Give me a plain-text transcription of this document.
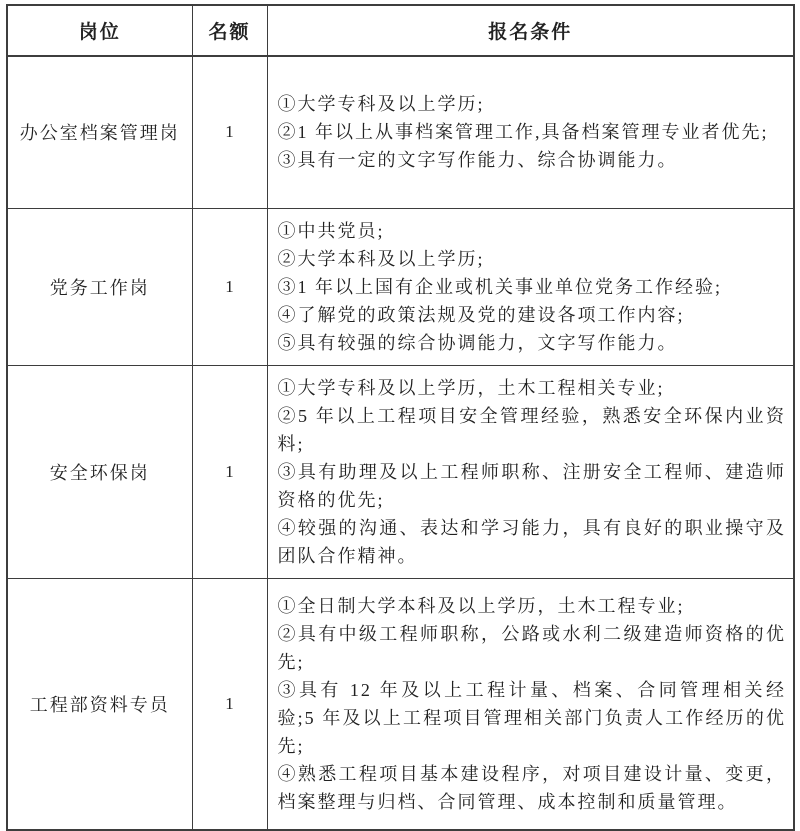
岗位	名额	报名条件
办公室档案管理岗	1	①大学专科及以上学历;
②1 年以上从事档案管理工作,具备档案管理专业者优先;
③具有一定的文字写作能力、综合协调能力。

党务工作岗	1	①中共党员;
②大学本科及以上学历;
③1 年以上国有企业或机关事业单位党务工作经验;
④了解党的政策法规及党的建设各项工作内容;
⑤具有较强的综合协调能力，文字写作能力。

安全环保岗	1	①大学专科及以上学历，土木工程相关专业;
②5 年以上工程项目安全管理经验，熟悉安全环保内业资料;
③具有助理及以上工程师职称、注册安全工程师、建造师资格的优先;
④较强的沟通、表达和学习能力，具有良好的职业操守及团队合作精神。

工程部资料专员	1	①全日制大学本科及以上学历，土木工程专业;
②具有中级工程师职称，公路或水利二级建造师资格的优先;
③具有 12 年及以上工程计量、档案、合同管理相关经验;5 年及以上工程项目管理相关部门负责人工作经历的优先;
④熟悉工程项目基本建设程序，对项目建设计量、变更，档案整理与归档、合同管理、成本控制和质量管理。
